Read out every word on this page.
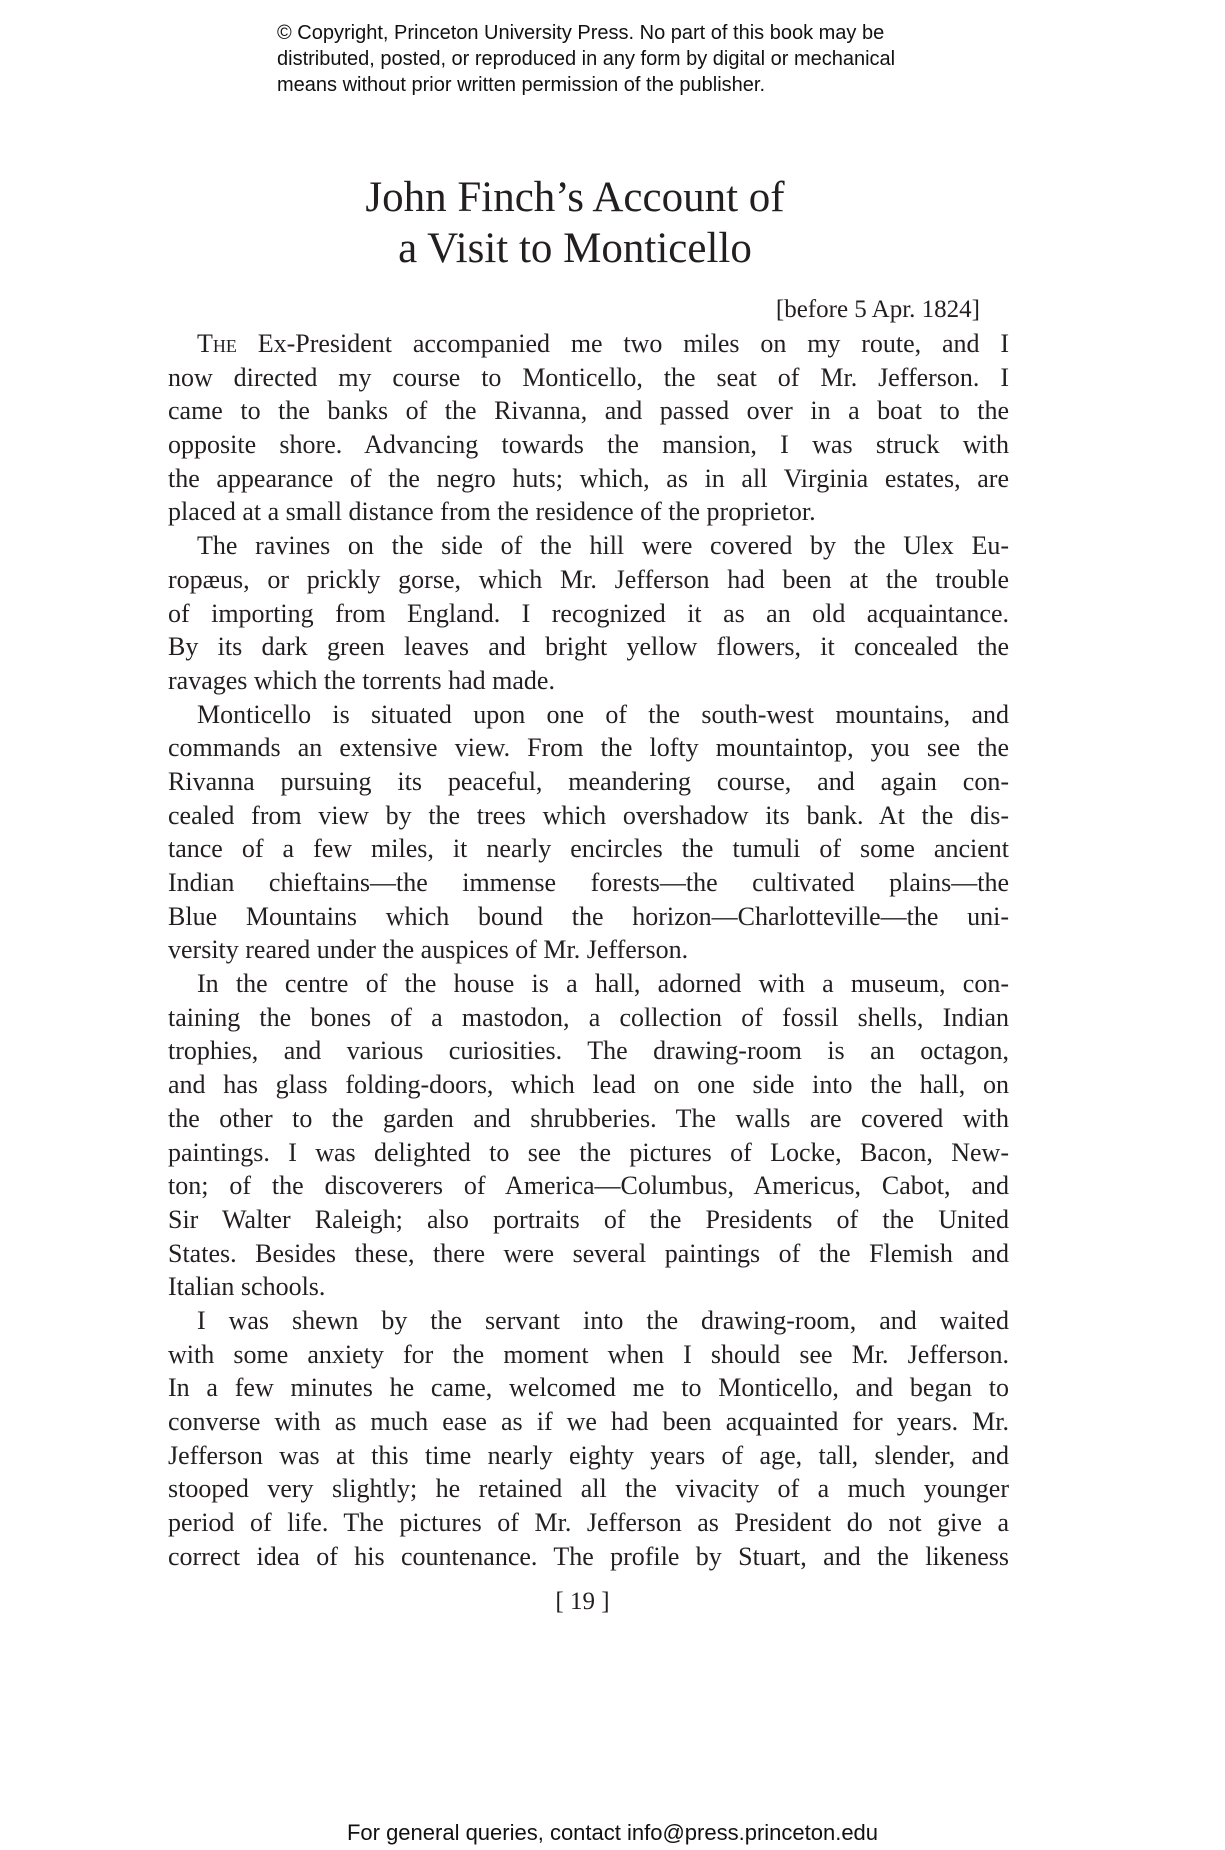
© Copyright, Princeton University Press. No part of this book may be
distributed, posted, or reproduced in any form by digital or mechanical
means without prior written permission of the publisher.
John Finch’s Account of
a Visit to Monticello
[before 5 Apr. 1824]
The Ex-President accompanied me two miles on my route, and I
now directed my course to Monticello, the seat of Mr. Jefferson. I
came to the banks of the Rivanna, and passed over in a boat to the
opposite shore. Advancing towards the mansion, I was struck with
the appearance of the negro huts; which, as in all Virginia estates, are
placed at a small distance from the residence of the proprietor.
The ravines on the side of the hill were covered by the Ulex Eu-
ropæus, or prickly gorse, which Mr. Jefferson had been at the trouble
of importing from England. I recognized it as an old acquaintance.
By its dark green leaves and bright yellow flowers, it concealed the
ravages which the torrents had made.
Monticello is situated upon one of the south-west mountains, and
commands an extensive view. From the lofty mountaintop, you see the
Rivanna pursuing its peaceful, meandering course, and again con-
cealed from view by the trees which overshadow its bank. At the dis-
tance of a few miles, it nearly encircles the tumuli of some ancient
Indian chieftains—the immense forests—the cultivated plains—the
Blue Mountains which bound the horizon—Charlotteville—the uni-
versity reared under the auspices of Mr. Jefferson.
In the centre of the house is a hall, adorned with a museum, con-
taining the bones of a mastodon, a collection of fossil shells, Indian
trophies, and various curiosities. The drawing-room is an octagon,
and has glass folding-doors, which lead on one side into the hall, on
the other to the garden and shrubberies. The walls are covered with
paintings. I was delighted to see the pictures of Locke, Bacon, New-
ton; of the discoverers of America—Columbus, Americus, Cabot, and
Sir Walter Raleigh; also portraits of the Presidents of the United
States. Besides these, there were several paintings of the Flemish and
Italian schools.
I was shewn by the servant into the drawing-room, and waited
with some anxiety for the moment when I should see Mr. Jefferson.
In a few minutes he came, welcomed me to Monticello, and began to
converse with as much ease as if we had been acquainted for years. Mr.
Jefferson was at this time nearly eighty years of age, tall, slender, and
stooped very slightly; he retained all the vivacity of a much younger
period of life. The pictures of Mr. Jefferson as President do not give a
correct idea of his countenance. The profile by Stuart, and the likeness
[ 19 ]
For general queries, contact info@press.princeton.edu
